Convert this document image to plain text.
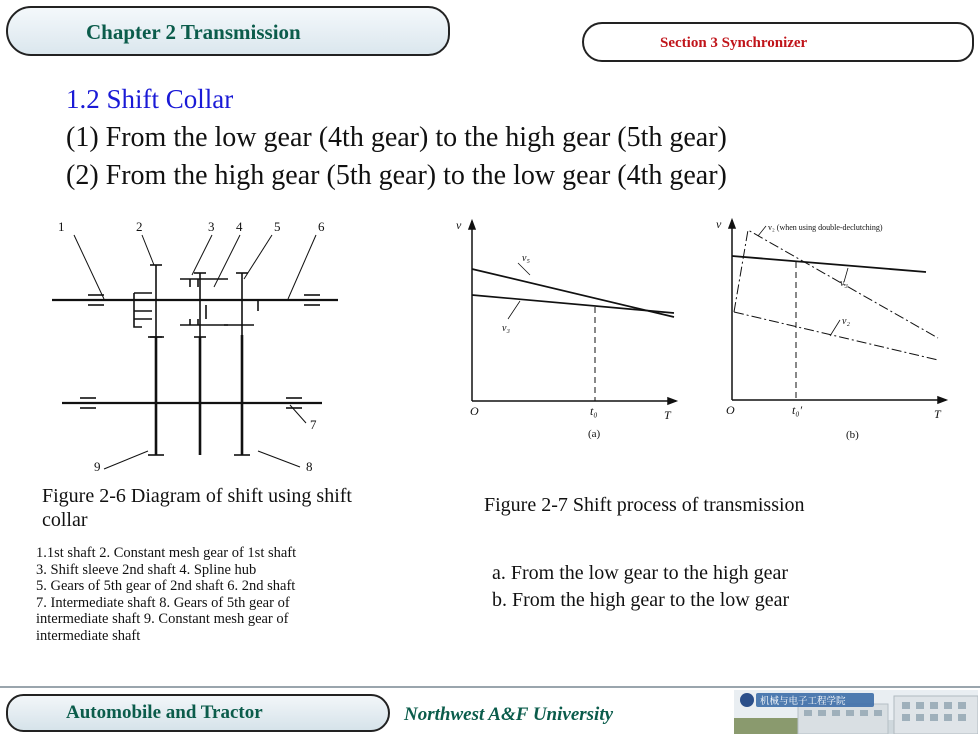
Chapter 2 Transmission	Section 3 Synchronizer
1.2 Shift Collar
(1) From the low gear (4th gear) to the high gear (5th gear)
(2) From the high gear (5th gear) to the low gear (4th gear)
1	2	3 4 5	6
7
8
9
v
O	T
t₀
v₅
v₃
(a)
v
O	T
t₀′
v₂ (when using double-declutching)
v₃
v₂
(b)
Figure 2-6 Diagram of shift using shift collar
Figure 2-7 Shift process of transmission
1.1st shaft 2. Constant mesh gear of 1st shaft
3. Shift sleeve 2nd shaft 4. Spline hub
5. Gears of 5th gear of 2nd shaft 6. 2nd shaft
7. Intermediate shaft 8. Gears of 5th gear of
intermediate shaft 9. Constant mesh gear of
intermediate shaft
a. From the low gear to the high gear
b. From the high gear to the low gear
Automobile and Tractor	Northwest A&F University
机械与电子工程学院
